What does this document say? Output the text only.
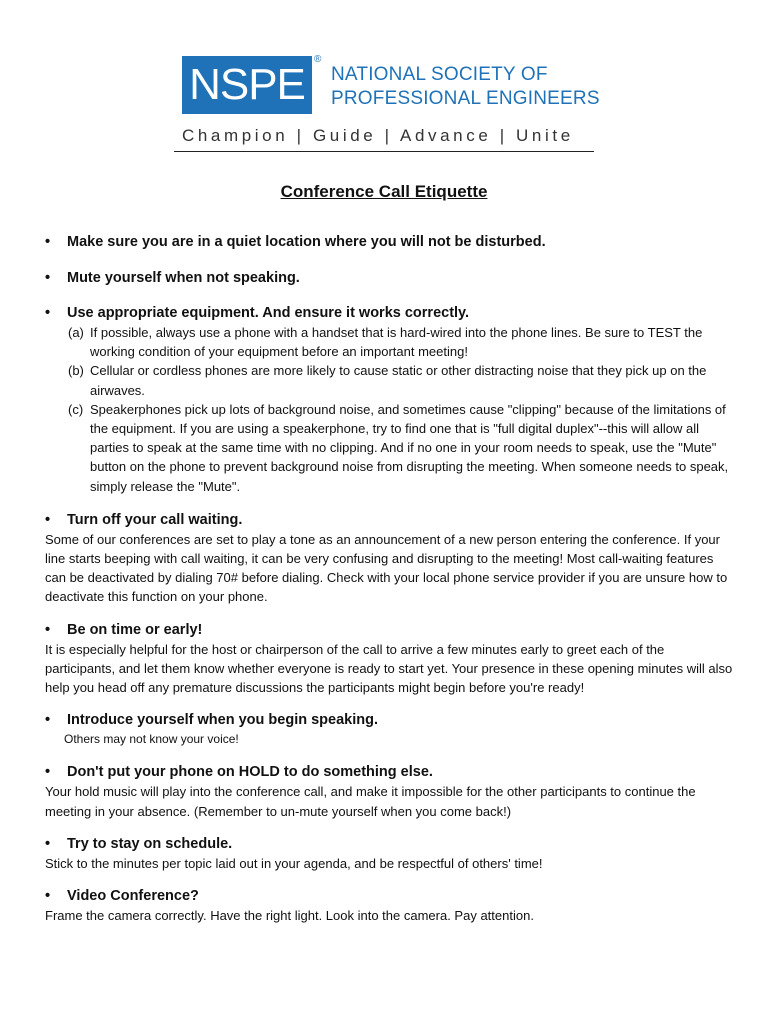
NSPE
®
NATIONAL SOCIETY OF
PROFESSIONAL ENGINEERS
Champion | Guide | Advance | Unite
Conference Call Etiquette
•	Make sure you are in a quiet location where you will not be disturbed.
•	Mute yourself when not speaking.
•	Use appropriate equipment. And ensure it works correctly.
(a) If possible, always use a phone with a handset that is hard-wired into the phone lines. Be sure to TEST the working condition of your equipment before an important meeting!
(b) Cellular or cordless phones are more likely to cause static or other distracting noise that they pick up on the airwaves.
(c) Speakerphones pick up lots of background noise, and sometimes cause "clipping" because of the limitations of the equipment. If you are using a speakerphone, try to find one that is "full digital duplex"--this will allow all parties to speak at the same time with no clipping. And if no one in your room needs to speak, use the "Mute" button on the phone to prevent background noise from disrupting the meeting. When someone needs to speak, simply release the "Mute".
•	Turn off your call waiting.

Some of our conferences are set to play a tone as an announcement of a new person entering the conference. If your line starts beeping with call waiting, it can be very confusing and disrupting to the meeting! Most call-waiting features can be deactivated by dialing 70# before dialing. Check with your local phone service provider if you are unsure how to deactivate this function on your phone.

•	Be on time or early!

It is especially helpful for the host or chairperson of the call to arrive a few minutes early to greet each of the participants, and let them know whether everyone is ready to start yet. Your presence in these opening minutes will also help you head off any premature discussions the participants might begin before you're ready!

•	Introduce yourself when you begin speaking.

Others may not know your voice!

•	Don't put your phone on HOLD to do something else.

Your hold music will play into the conference call, and make it impossible for the other participants to continue the meeting in your absence. (Remember to un-mute yourself when you come back!)

•	Try to stay on schedule.

Stick to the minutes per topic laid out in your agenda, and be respectful of others' time!

•	Video Conference?

Frame the camera correctly. Have the right light. Look into the camera. Pay attention.
